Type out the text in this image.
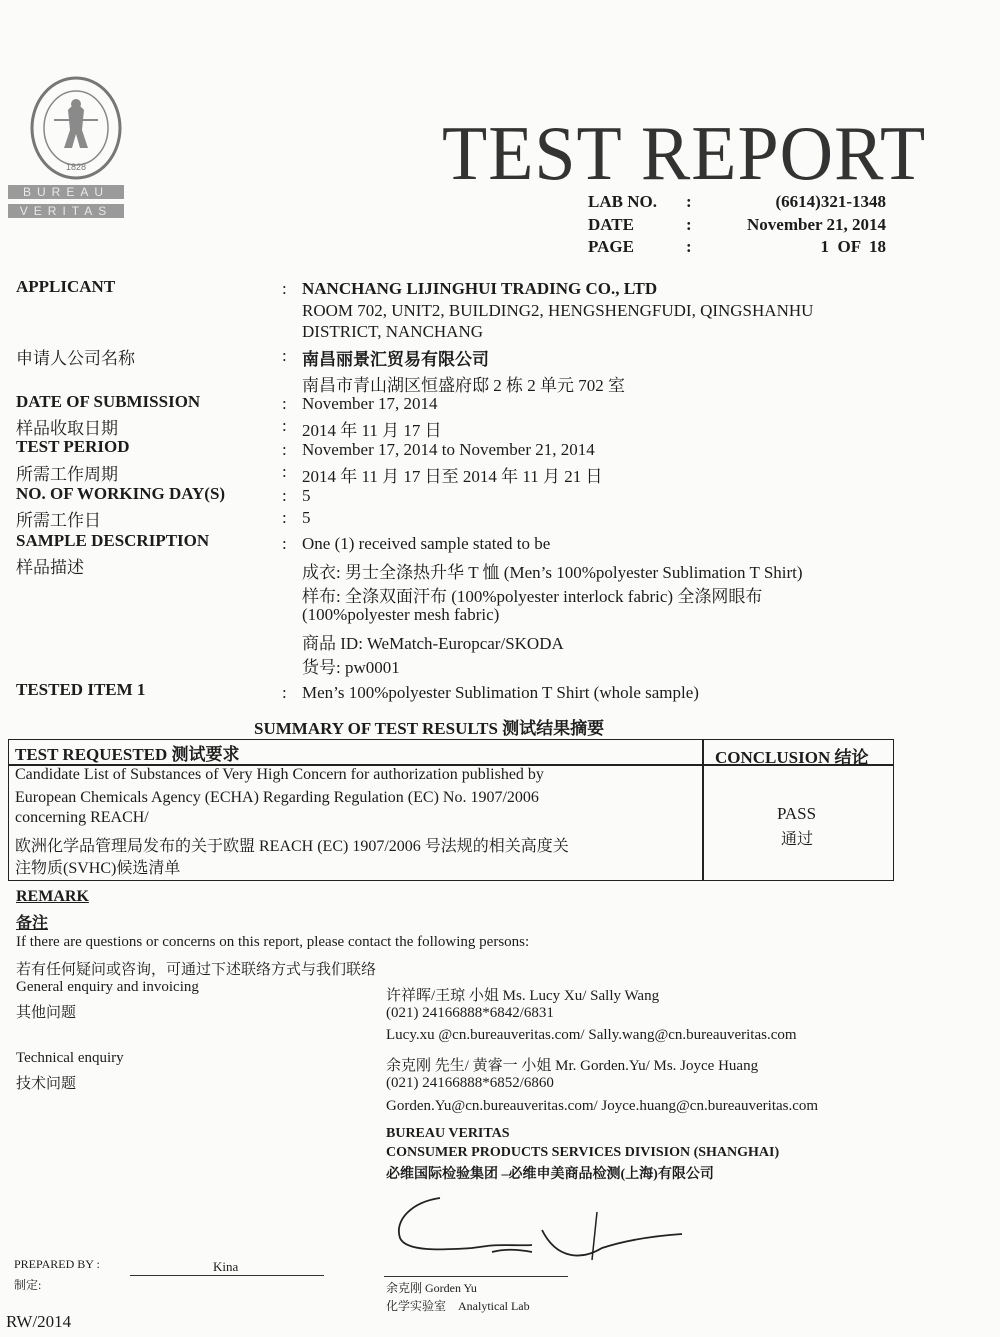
1828
BUREAU
VERITAS
TEST REPORT
LAB NO. :	(6614)321-1348
DATE	:	November 21, 2014
PAGE	:	1  OF  18
APPLICANT	: NANCHANG LIJINGHUI TRADING CO., LTD
ROOM 702, UNIT2, BUILDING2, HENGSHENGFUDI, QINGSHANHU
DISTRICT, NANCHANG
申请人公司名称	: 南昌丽景汇贸易有限公司
南昌市青山湖区恒盛府邸 2 栋 2 单元 702 室
DATE OF SUBMISSION	: November 17, 2014
样品收取日期	: 2014 年 11 月 17 日
TEST PERIOD	: November 17, 2014 to November 21, 2014
所需工作周期	: 2014 年 11 月 17 日至 2014 年 11 月 21 日
NO. OF WORKING DAY(S)	: 5
所需工作日	: 5
SAMPLE DESCRIPTION
样品描述
: One (1) received sample stated to be
成衣: 男士全涤热升华 T 恤 (Men’s 100%polyester Sublimation T Shirt)
样布: 全涤双面汗布 (100%polyester interlock fabric) 全涤网眼布
(100%polyester mesh fabric)
商品 ID: WeMatch-Europcar/SKODA
货号: pw0001
TESTED ITEM 1	: Men’s 100%polyester Sublimation T Shirt (whole sample)
SUMMARY OF TEST RESULTS 测试结果摘要
TEST REQUESTED 测试要求	CONCLUSION 结论
Candidate List of Substances of Very High Concern for authorization published by
European Chemicals Agency (ECHA) Regarding Regulation (EC) No. 1907/2006
concerning REACH/
欧洲化学品管理局发布的关于欧盟 REACH (EC) 1907/2006 号法规的相关高度关
注物质(SVHC)候选清单
PASS
通过
REMARK
备注
If there are questions or concerns on this report, please contact the following persons:
若有任何疑问或咨询，可通过下述联络方式与我们联络
General enquiry and invoicing
其他问题
许祥晖/王琼 小姐 Ms. Lucy Xu/ Sally Wang
(021) 24166888*6842/6831
Lucy.xu @cn.bureauveritas.com/ Sally.wang@cn.bureauveritas.com
Technical enquiry
技术问题
余克刚 先生/ 黄睿一 小姐 Mr. Gorden.Yu/ Ms. Joyce Huang
(021) 24166888*6852/6860
Gorden.Yu@cn.bureauveritas.com/ Joyce.huang@cn.bureauveritas.com
BUREAU VERITAS
CONSUMER PRODUCTS SERVICES DIVISION (SHANGHAI)
必维国际检验集团 –必维申美商品检测(上海)有限公司
PREPARED BY :
制定:
Kina
余克刚 Gorden Yu
化学实验室    Analytical Lab
RW/2014
